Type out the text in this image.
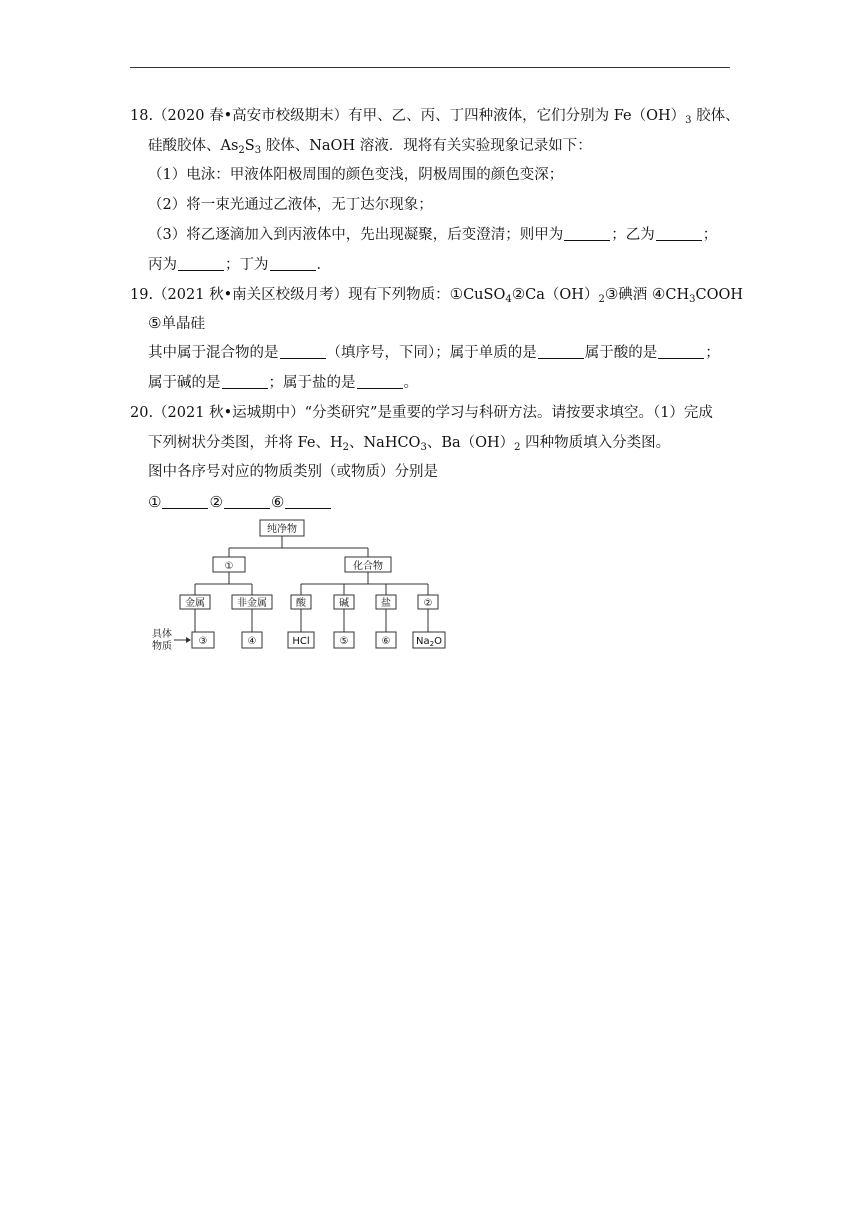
18.（2020 春•高安市校级期末）有甲、乙、丙、丁四种液体，它们分别为 $Fe(OH)_3$ 胶体、
硅酸胶体、$As_2S_3$ 胶体、NaOH 溶液．现将有关实验现象记录如下：
（1）电泳：甲液体阳极周围的颜色变浅，阴极周围的颜色变深；
（2）将一束光通过乙液体，无丁达尔现象；
（3）将乙逐滴加入到丙液体中，先出现凝聚，后变澄清；则甲为	；乙为	；
丙为	；丁为	．
19.（2021 秋•南关区校级月考）现有下列物质：$①CuSO_4②Ca(OH)_2③$碘酒 $④CH_3COOH$
⑤单晶硅
其中属于混合物的是	（填序号，下同）；属于单质的是	属于酸的是	；
属于碱的是	；属于盐的是	。
20.（2021 秋•运城期中）“分类研究”是重要的学习与科研方法。请按要求填空。（1）完成
下列树状分类图，并将 Fe、$H_2$、NaHCO$_3$、$Ba(OH)_2$ 四种物质填入分类图。
图中各序号对应的物质类别（或物质）分别是
①	②	⑥
纯净物
①	化合物
金属	非金属	酸	碱	盐	②
③	④	HCl	⑤	⑥	$Na_2O$
具体
物质
